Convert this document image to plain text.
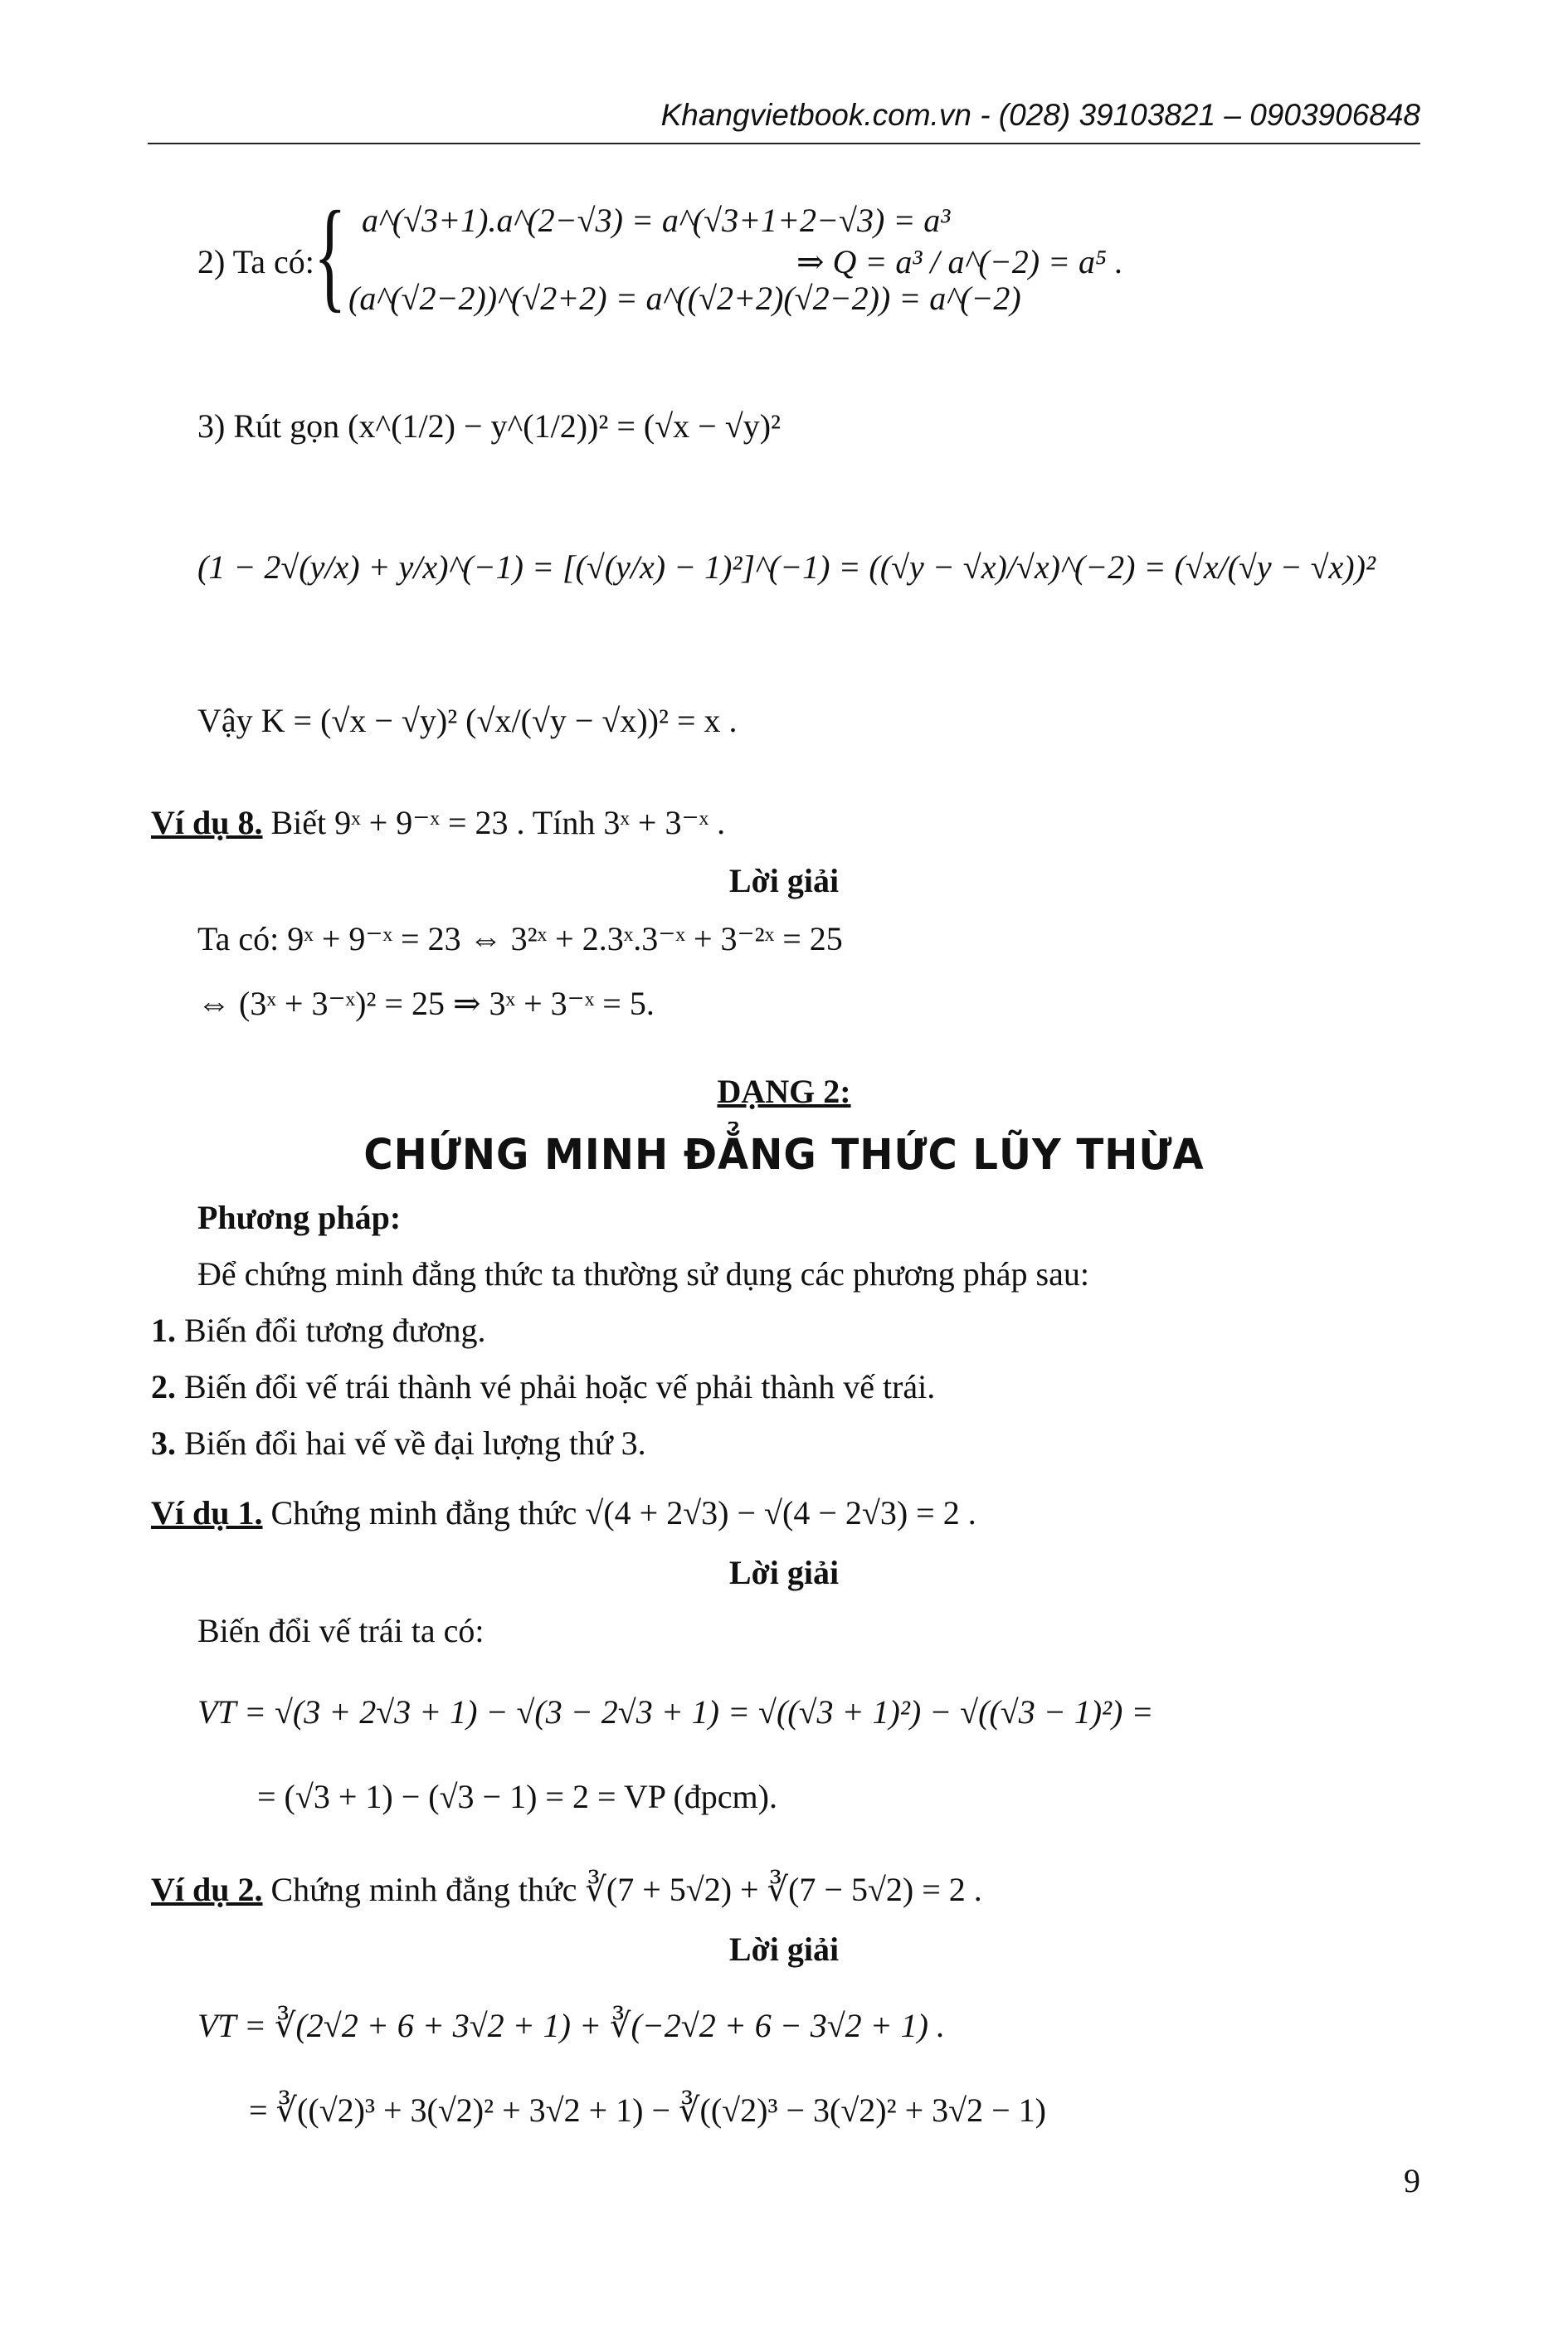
Khangvietbook.com.vn - (028) 39103821 – 0903906848
2) Ta có: { a^(√3+1).a^(2−√3) = a^(√3+1+2−√3) = a³
(a^(√2−2))^(√2+2) = a^((√2+2)(√2−2)) = a^(−2)
⇒ Q = a³ / a^(−2) = a⁵ .
3) Rút gọn (x^(1/2) − y^(1/2))² = (√x − √y)²
(1 − 2√(y/x) + y/x)^(−1) = [(√(y/x) − 1)²]^(−1) = ((√y − √x)/√x)^(−2) = (√x/(√y − √x))²
Vậy K = (√x − √y)² (√x/(√y − √x))² = x .
Ví dụ 8. Biết 9ˣ + 9⁻ˣ = 23 . Tính 3ˣ + 3⁻ˣ .
Lời giải
Ta có: 9ˣ + 9⁻ˣ = 23 ⇔ 3²ˣ + 2.3ˣ.3⁻ˣ + 3⁻²ˣ = 25
⇔ (3ˣ + 3⁻ˣ)² = 25 ⇒ 3ˣ + 3⁻ˣ = 5.
DẠNG 2:
CHỨNG MINH ĐẲNG THỨC LŨY THỪA
Phương pháp:
Để chứng minh đẳng thức ta thường sử dụng các phương pháp sau:
1. Biến đổi tương đương.
2. Biến đổi vế trái thành vé phải hoặc vế phải thành vế trái.
3. Biến đổi hai vế về đại lượng thứ 3.
Ví dụ 1. Chứng minh đẳng thức √(4 + 2√3) − √(4 − 2√3) = 2 .
Lời giải
Biến đổi vế trái ta có:
VT = √(3 + 2√3 + 1) − √(3 − 2√3 + 1) = √((√3 + 1)²) − √((√3 − 1)²) =
= (√3 + 1) − (√3 − 1) = 2 = VP (đpcm).
Ví dụ 2. Chứng minh đẳng thức ∛(7 + 5√2) + ∛(7 − 5√2) = 2 .
Lời giải
VT = ∛(2√2 + 6 + 3√2 + 1) + ∛(−2√2 + 6 − 3√2 + 1) .
= ∛((√2)³ + 3(√2)² + 3√2 + 1) − ∛((√2)³ − 3(√2)² + 3√2 − 1)
9
